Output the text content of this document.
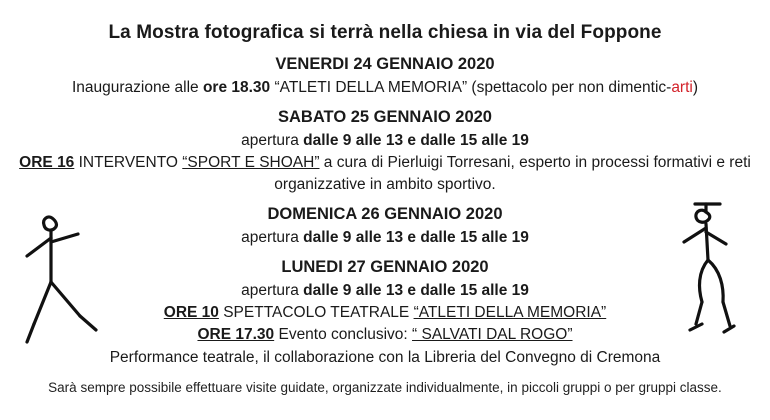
La Mostra fotografica si terrà nella chiesa in via del Foppone
VENERDI 24 GENNAIO 2020
Inaugurazione alle ore 18.30 “ATLETI DELLA MEMORIA” (spettacolo per non dimentic-arti)
SABATO 25 GENNAIO 2020
apertura dalle 9 alle 13 e dalle 15 alle 19
ORE 16 INTERVENTO “SPORT E SHOAH” a cura di Pierluigi Torresani, esperto in processi formativi e reti
organizzative in ambito sportivo.
DOMENICA 26 GENNAIO 2020
apertura dalle 9 alle 13 e dalle 15 alle 19
LUNEDI 27 GENNAIO 2020
apertura dalle 9 alle 13 e dalle 15 alle 19
ORE 10 SPETTACOLO TEATRALE “ATLETI DELLA MEMORIA”
ORE 17.30 Evento conclusivo: “ SALVATI DAL ROGO”
Performance teatrale, il collaborazione con la Libreria del Convegno di Cremona
Sarà sempre possibile effettuare visite guidate, organizzate individualmente, in piccoli gruppi o per gruppi classe.
